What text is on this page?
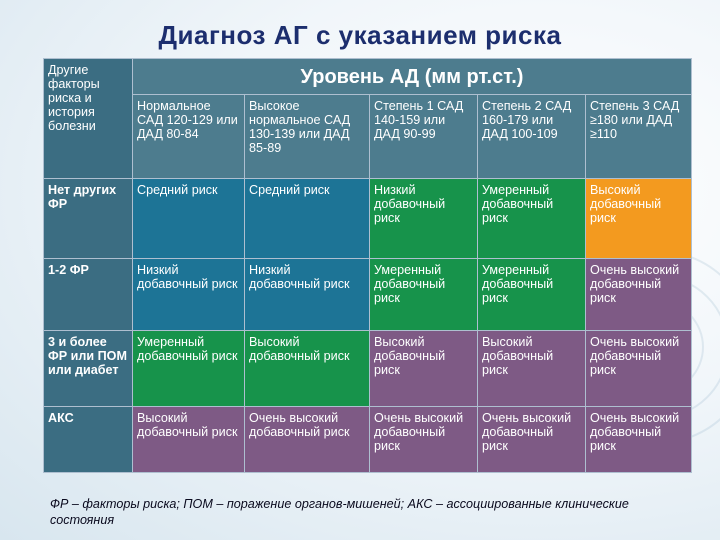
Диагноз АГ с указанием риска
Другие факторы риска и история болезни	Уровень АД (мм рт.ст.)				
	Нормальное САД 120-129 или ДАД 80-84	Высокое нормальное САД 130-139 или ДАД 85-89	Степень 1 САД 140-159 или ДАД 90-99	Степень 2 САД 160-179 или ДАД 100-109	Степень 3 САД ≥180 или ДАД ≥110
Нет других ФР	Средний риск	Средний риск	Низкий добавочный риск	Умеренный добавочный риск	Высокий добавочный риск
1-2 ФР	Низкий добавочный риск	Низкий добавочный риск	Умеренный добавочный риск	Умеренный добавочный риск	Очень высокий добавочный риск
3 и более ФР или ПОМ или диабет	Умеренный добавочный риск	Высокий добавочный риск	Высокий добавочный риск	Высокий добавочный риск	Очень высокий добавочный риск
АКС	Высокий добавочный риск	Очень высокий добавочный риск	Очень высокий добавочный риск	Очень высокий добавочный риск	Очень высокий добавочный риск
ФР – факторы риска; ПОМ – поражение органов-мишеней; АКС – ассоциированные клинические состояния
